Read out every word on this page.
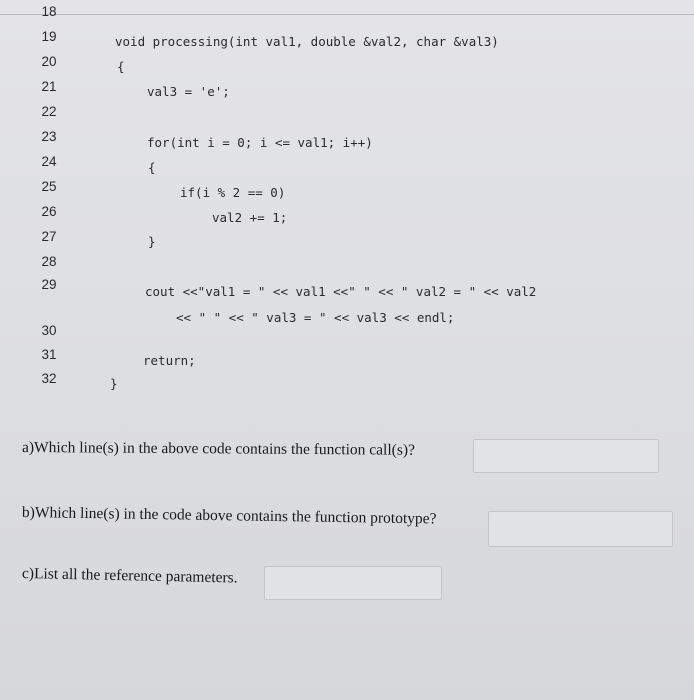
18
19
20
21
22
23
24
25
26
27
28
29
30
31
32
void processing(int val1, double &val2, char &val3)
{
val3 = 'e';
for(int i = 0; i <= val1; i++)
{
if(i % 2 == 0)
val2 += 1;
}
cout <<"val1 = " << val1 <<" " << " val2 = " << val2
<< " " << " val3 = " << val3 << endl;
return;
}
a)Which line(s) in the above code contains the function call(s)?
b)Which line(s) in the code above contains the function prototype?
c)List all the reference parameters.
